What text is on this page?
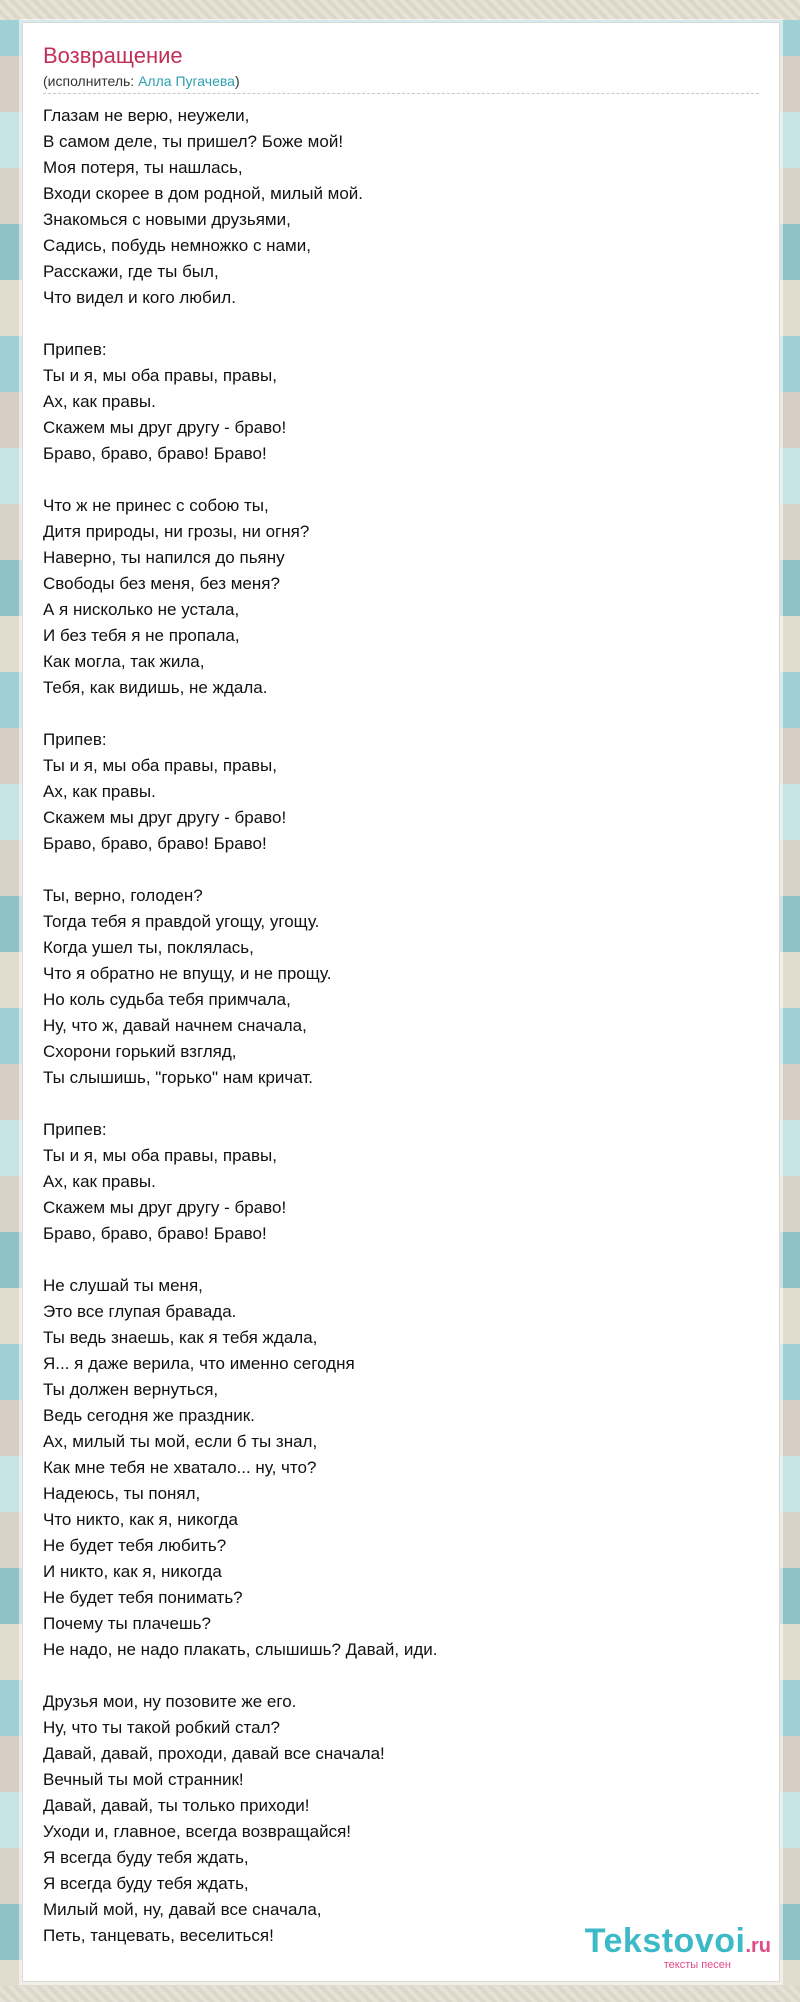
Возвращение
(исполнитель: Алла Пугачева)
Глазам не верю, неужели,
В самом деле, ты пришел? Боже мой!
Моя потеря, ты нашлась,
Входи скорее в дом родной, милый мой.
Знакомься с новыми друзьями,
Садись, побудь немножко с нами,
Расскажи, где ты был,
Что видел и кого любил.

Припев:
Ты и я, мы оба правы, правы,
Ах, как правы.
Скажем мы друг другу - браво!
Браво, браво, браво! Браво!

Что ж не принес с собою ты,
Дитя природы, ни грозы, ни огня?
Наверно, ты напился до пьяну
Свободы без меня, без меня?
А я нисколько не устала,
И без тебя я не пропала,
Как могла, так жила,
Тебя, как видишь, не ждала.

Припев:
Ты и я, мы оба правы, правы,
Ах, как правы.
Скажем мы друг другу - браво!
Браво, браво, браво! Браво!

Ты, верно, голоден?
Тогда тебя я правдой угощу, угощу.
Когда ушел ты, поклялась,
Что я обратно не впущу, и не прощу.
Но коль судьба тебя примчала,
Ну, что ж, давай начнем сначала,
Схорони горький взгляд,
Ты слышишь, "горько" нам кричат.

Припев:
Ты и я, мы оба правы, правы,
Ах, как правы.
Скажем мы друг другу - браво!
Браво, браво, браво! Браво!

Не слушай ты меня,
Это все глупая бравада.
Ты ведь знаешь, как я тебя ждала,
Я... я даже верила, что именно сегодня
Ты должен вернуться,
Ведь сегодня же праздник.
Ах, милый ты мой, если б ты знал,
Как мне тебя не хватало... ну, что?
Надеюсь, ты понял,
Что никто, как я, никогда
Не будет тебя любить?
И никто, как я, никогда
Не будет тебя понимать?
Почему ты плачешь?
Не надо, не надо плакать, слышишь? Давай, иди.

Друзья мои, ну позовите же его.
Ну, что ты такой робкий стал?
Давай, давай, проходи, давай все сначала!
Вечный ты мой странник!
Давай, давай, ты только приходи!
Уходи и, главное, всегда возвращайся!
Я всегда буду тебя ждать,
Я всегда буду тебя ждать,
Милый мой, ну, давай все сначала,
Петь, танцевать, веселиться!	Tekstovoi.ru
тексты песен
